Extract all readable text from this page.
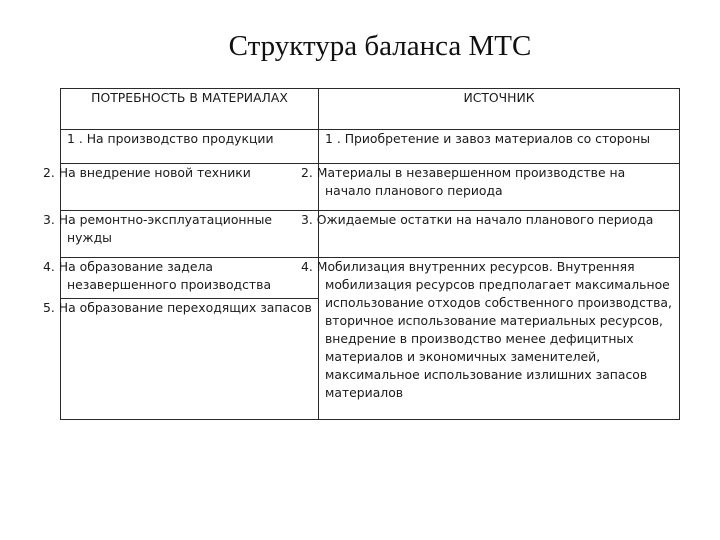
Структура баланса МТС
ПОТРЕБНОСТЬ В МАТЕРИАЛАХ	ИСТОЧНИК
1 . На производство продукции	1 . Приобретение и завоз материалов со стороны
2. На внедрение новой техники	2. Материалы в незавершенном производстве на начало планового периода
3. На ремонтно-эксплуатационные нужды	3. Ожидаемые остатки на начало планового периода
4. На образование задела незавершенного производства	4. Мобилизация внутренних ресурсов. Внутренняя мобилизация ресурсов предполагает максимальное использование отходов собственного производства, вторичное использование материальных ресурсов, внедрение в производство менее дефицитных материалов и экономичных заменителей, максимальное использование излишних запасов материалов
5. На образование переходящих запасов	
